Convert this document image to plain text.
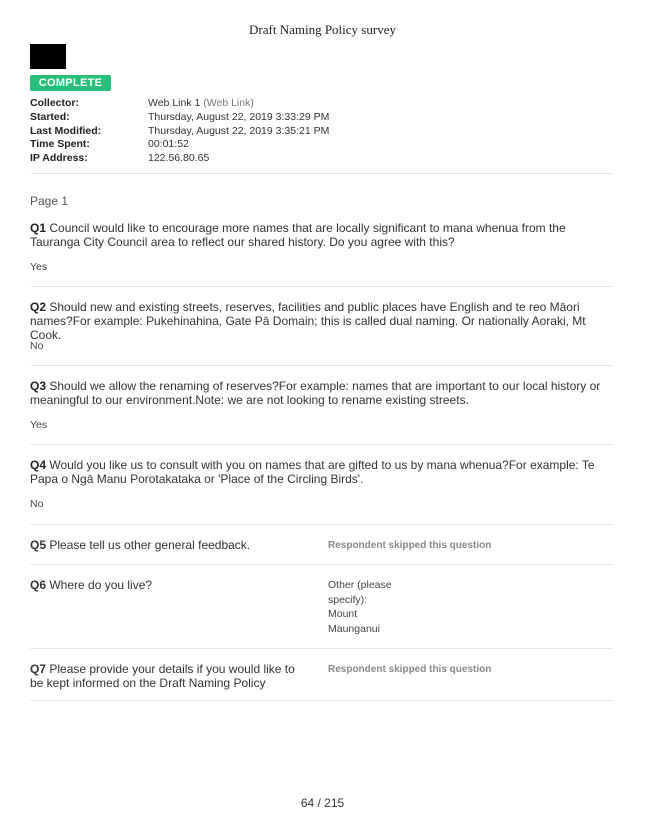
Draft Naming Policy survey
COMPLETE
Collector:	Web Link 1 (Web Link)
Started:	Thursday, August 22, 2019 3:33:29 PM
Last Modified:	Thursday, August 22, 2019 3:35:21 PM
Time Spent:	00:01:52
IP Address:	122.56.80.65
Page 1
Q1 Council would like to encourage more names that are locally significant to mana whenua from the Tauranga City Council area to reflect our shared history. Do you agree with this?
Yes
Q2 Should new and existing streets, reserves, facilities and public places have English and te reo Māori names?For example: Pukehinahina, Gate Pā Domain; this is called dual naming. Or nationally Aoraki, Mt Cook.
No
Q3 Should we allow the renaming of reserves?For example: names that are important to our local history or meaningful to our environment.Note: we are not looking to rename existing streets.
Yes
Q4 Would you like us to consult with you on names that are gifted to us by mana whenua?For example: Te Papa o Ngā Manu Porotakataka or 'Place of the Circling Birds'.
No
Q5 Please tell us other general feedback.	Respondent skipped this question
Q6 Where do you live?	Other (please
specify):
Mount
Maunganui
Q7 Please provide your details if you would like to be kept informed on the Draft Naming Policy
Respondent skipped this question
64 / 215
